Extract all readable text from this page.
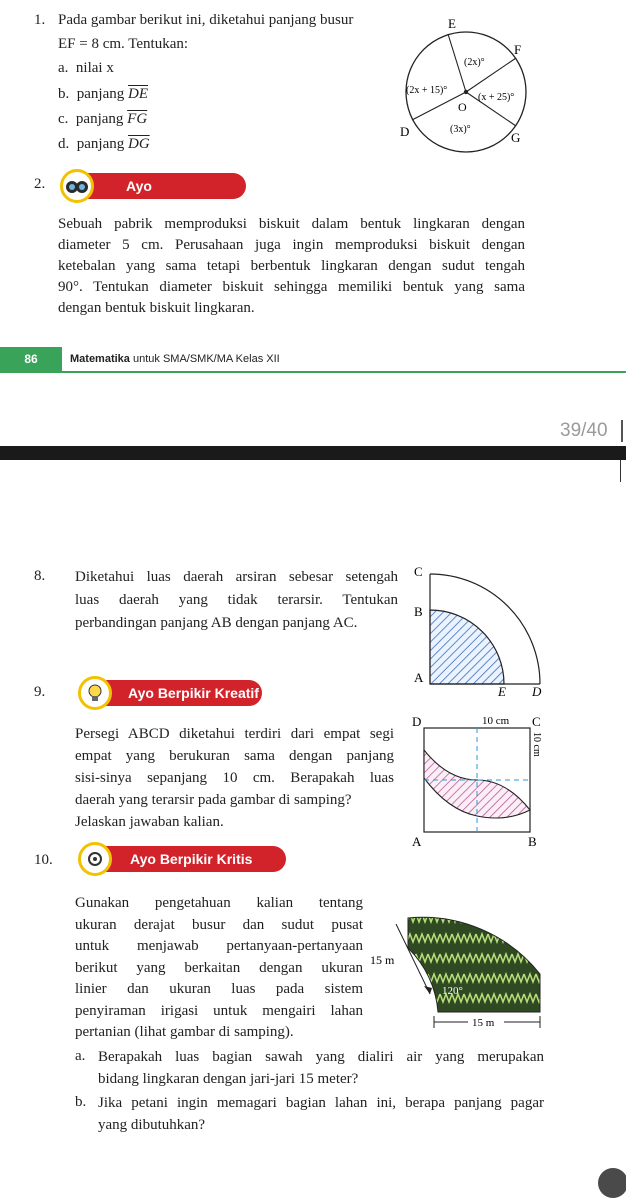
1. Pada gambar berikut ini, diketahui panjang busur
EF = 8 cm. Tentukan:
a. nilai x
b. panjang $\overline{DE}$
c. panjang $\overline{FG}$
d. panjang $\overline{DG}$
E
F
O
D	G
(2x)°
(2x + 15)°
(x + 25)°
(3x)°
2.	Ayo Bereksplorasi
Sebuah pabrik memproduksi biskuit dalam bentuk lingkaran dengan
diameter 5 cm. Perusahaan juga ingin memproduksi biskuit dengan
ketebalan yang sama tetapi berbentuk lingkaran dengan sudut tengah
90°. Tentukan diameter biskuit sehingga memiliki bentuk yang sama
dengan bentuk biskuit lingkaran.
86	Matematika untuk SMA/SMK/MA Kelas XII
39/40
8. Diketahui luas daerah arsiran sebesar setengah
luas daerah yang tidak terarsir. Tentukan
perbandingan panjang AB dengan panjang AC.
C
B
A
E D
9.	Ayo Berpikir Kreatif
Persegi ABCD diketahui terdiri dari empat segi
empat yang berukuran sama dengan panjang
sisi-sinya sepanjang 10 cm. Berapakah luas
daerah yang terarsir pada gambar di samping?
Jelaskan jawaban kalian.
D	C
A	B
10 cm
10 cm
10.	Ayo Berpikir Kritis
Gunakan pengetahuan kalian tentang
ukuran derajat busur dan sudut pusat
untuk menjawab pertanyaan-pertanyaan
berikut yang berkaitan dengan ukuran
linier dan ukuran luas pada sistem
penyiraman irigasi untuk mengairi lahan
pertanian (lihat gambar di samping).
15 m
120°
15 m
a. Berapakah luas bagian sawah yang dialiri air yang merupakan
bidang lingkaran dengan jari-jari 15 meter?
b. Jika petani ingin memagari bagian lahan ini, berapa panjang pagar
yang dibutuhkan?
